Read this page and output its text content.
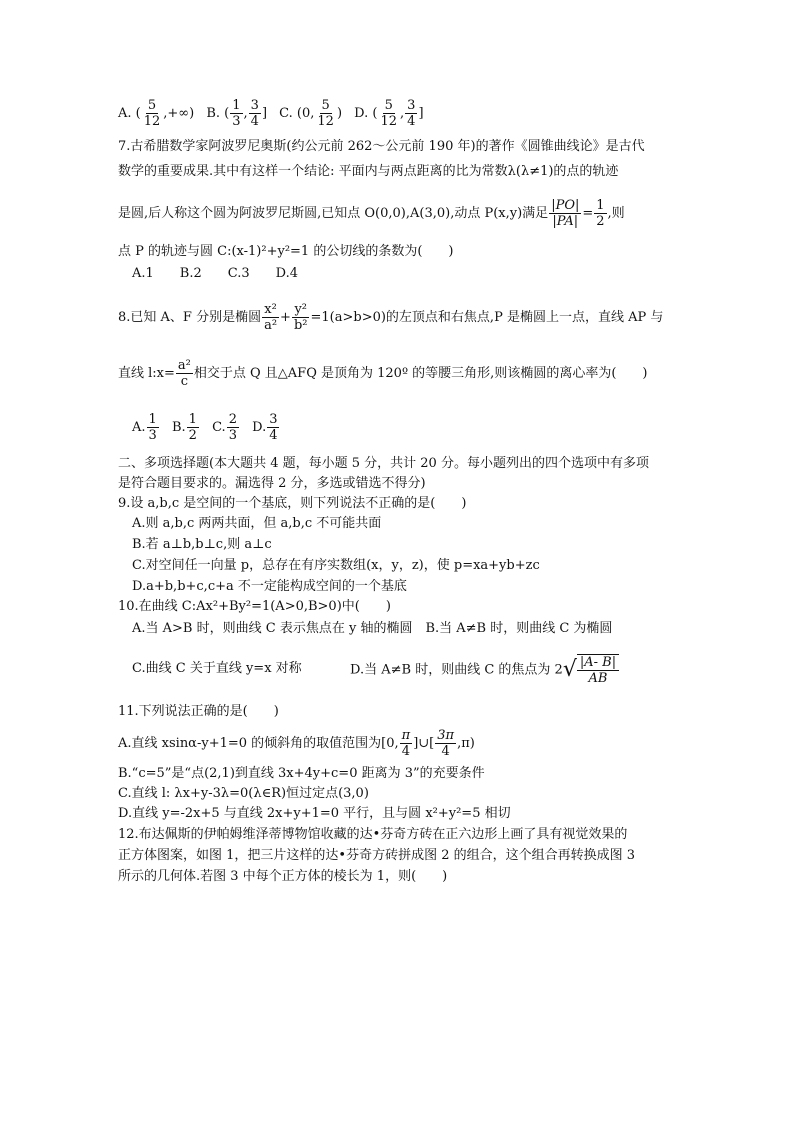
A. ( $\frac{5}{12}$ ,+∞) B. ( $\frac{1}{3}$ , $\frac{3}{4}$ ] C. (0, $\frac{5}{12}$ ) D. ( $\frac{5}{12}$ , $\frac{3}{4}$ ]
7.古希腊数学家阿波罗尼奥斯(约公元前 262～公元前 190 年)的著作《圆锥曲线论》是古代
数学的重要成果.其中有这样一个结论: 平面内与两点距离的比为常数λ(λ≠1)的点的轨迹
是圆,后人称这个圆为阿波罗尼斯圆,已知点 O(0,0),A(3,0),动点 P(x,y)满足 $\frac{|PO|}{|PA|} = \frac{1}{2}$ ,则
点 P 的轨迹与圆 C:(x-1)²+y²=1 的公切线的条数为(　　)
A.1　　B.2　　C.3　　D.4
8.已知 A、F 分别是椭圆 $\frac{\text{x²}}{\text{a²}} + \frac{\text{y²}}{\text{b²}} =1(a>b>0)$的左顶点和右焦点,P 是椭圆上一点，直线 AP 与
直线 l:x= $\frac{\text{a²}}{c}$ 相交于点 Q 且△AFQ 是顶角为 120º 的等腰三角形,则该椭圆的离心率为(　　)
A. $\frac{1}{3} B$. $\frac{1}{2} C$. $\frac{2}{3} D$. $\frac{3}{4}$
二、多项选择题(本大题共 4 题，每小题 5 分，共计 20 分。每小题列出的四个选项中有多项
是符合题目要求的。漏选得 2 分，多选或错选不得分)
9.设 a,b,c 是空间的一个基底，则下列说法不正确的是(　　)
A.则 a,b,c 两两共面，但 a,b,c 不可能共面
B.若 a⊥b,b⊥c,则 a⊥c
C.对空间任一向量 p，总存在有序实数组(x，y，z)，使 p=xa+yb+zc
D.a+b,b+c,c+a 不一定能构成空间的一个基底
10.在曲线 C:Ax²+By²=1(A>0,B>0)中(　　)
A.当 A>B 时，则曲线 C 表示焦点在 y 轴的椭圆　B.当 A≠B 时，则曲线 C 为椭圆
C.曲线 C 关于直线 y=x 对称	D.当 A≠B 时，则曲线 C 的焦点为 2 √ $\frac{|A- B|}{AB}$
11.下列说法正确的是(　　)
A.直线 xsinα-y+1=0 的倾斜角的取值范围为[0, $\frac{\pi}{4}$ ]∪[ $\frac{3\pi}{4} ,\pi$)
B.“c=5”是“点(2,1)到直线 3x+4y+c=0 距离为 3”的充要条件
C.直线 l: λx+y-3λ=0(λ∈R)恒过定点(3,0)
D.直线 y=-2x+5 与直线 2x+y+1=0 平行，且与圆 x²+y²=5 相切
12.布达佩斯的伊帕姆维泽蒂博物馆收藏的达•芬奇方砖在正六边形上画了具有视觉效果的
正方体图案，如图 1，把三片这样的达•芬奇方砖拼成图 2 的组合，这个组合再转换成图 3
所示的几何体.若图 3 中每个正方体的棱长为 1，则(　　)
